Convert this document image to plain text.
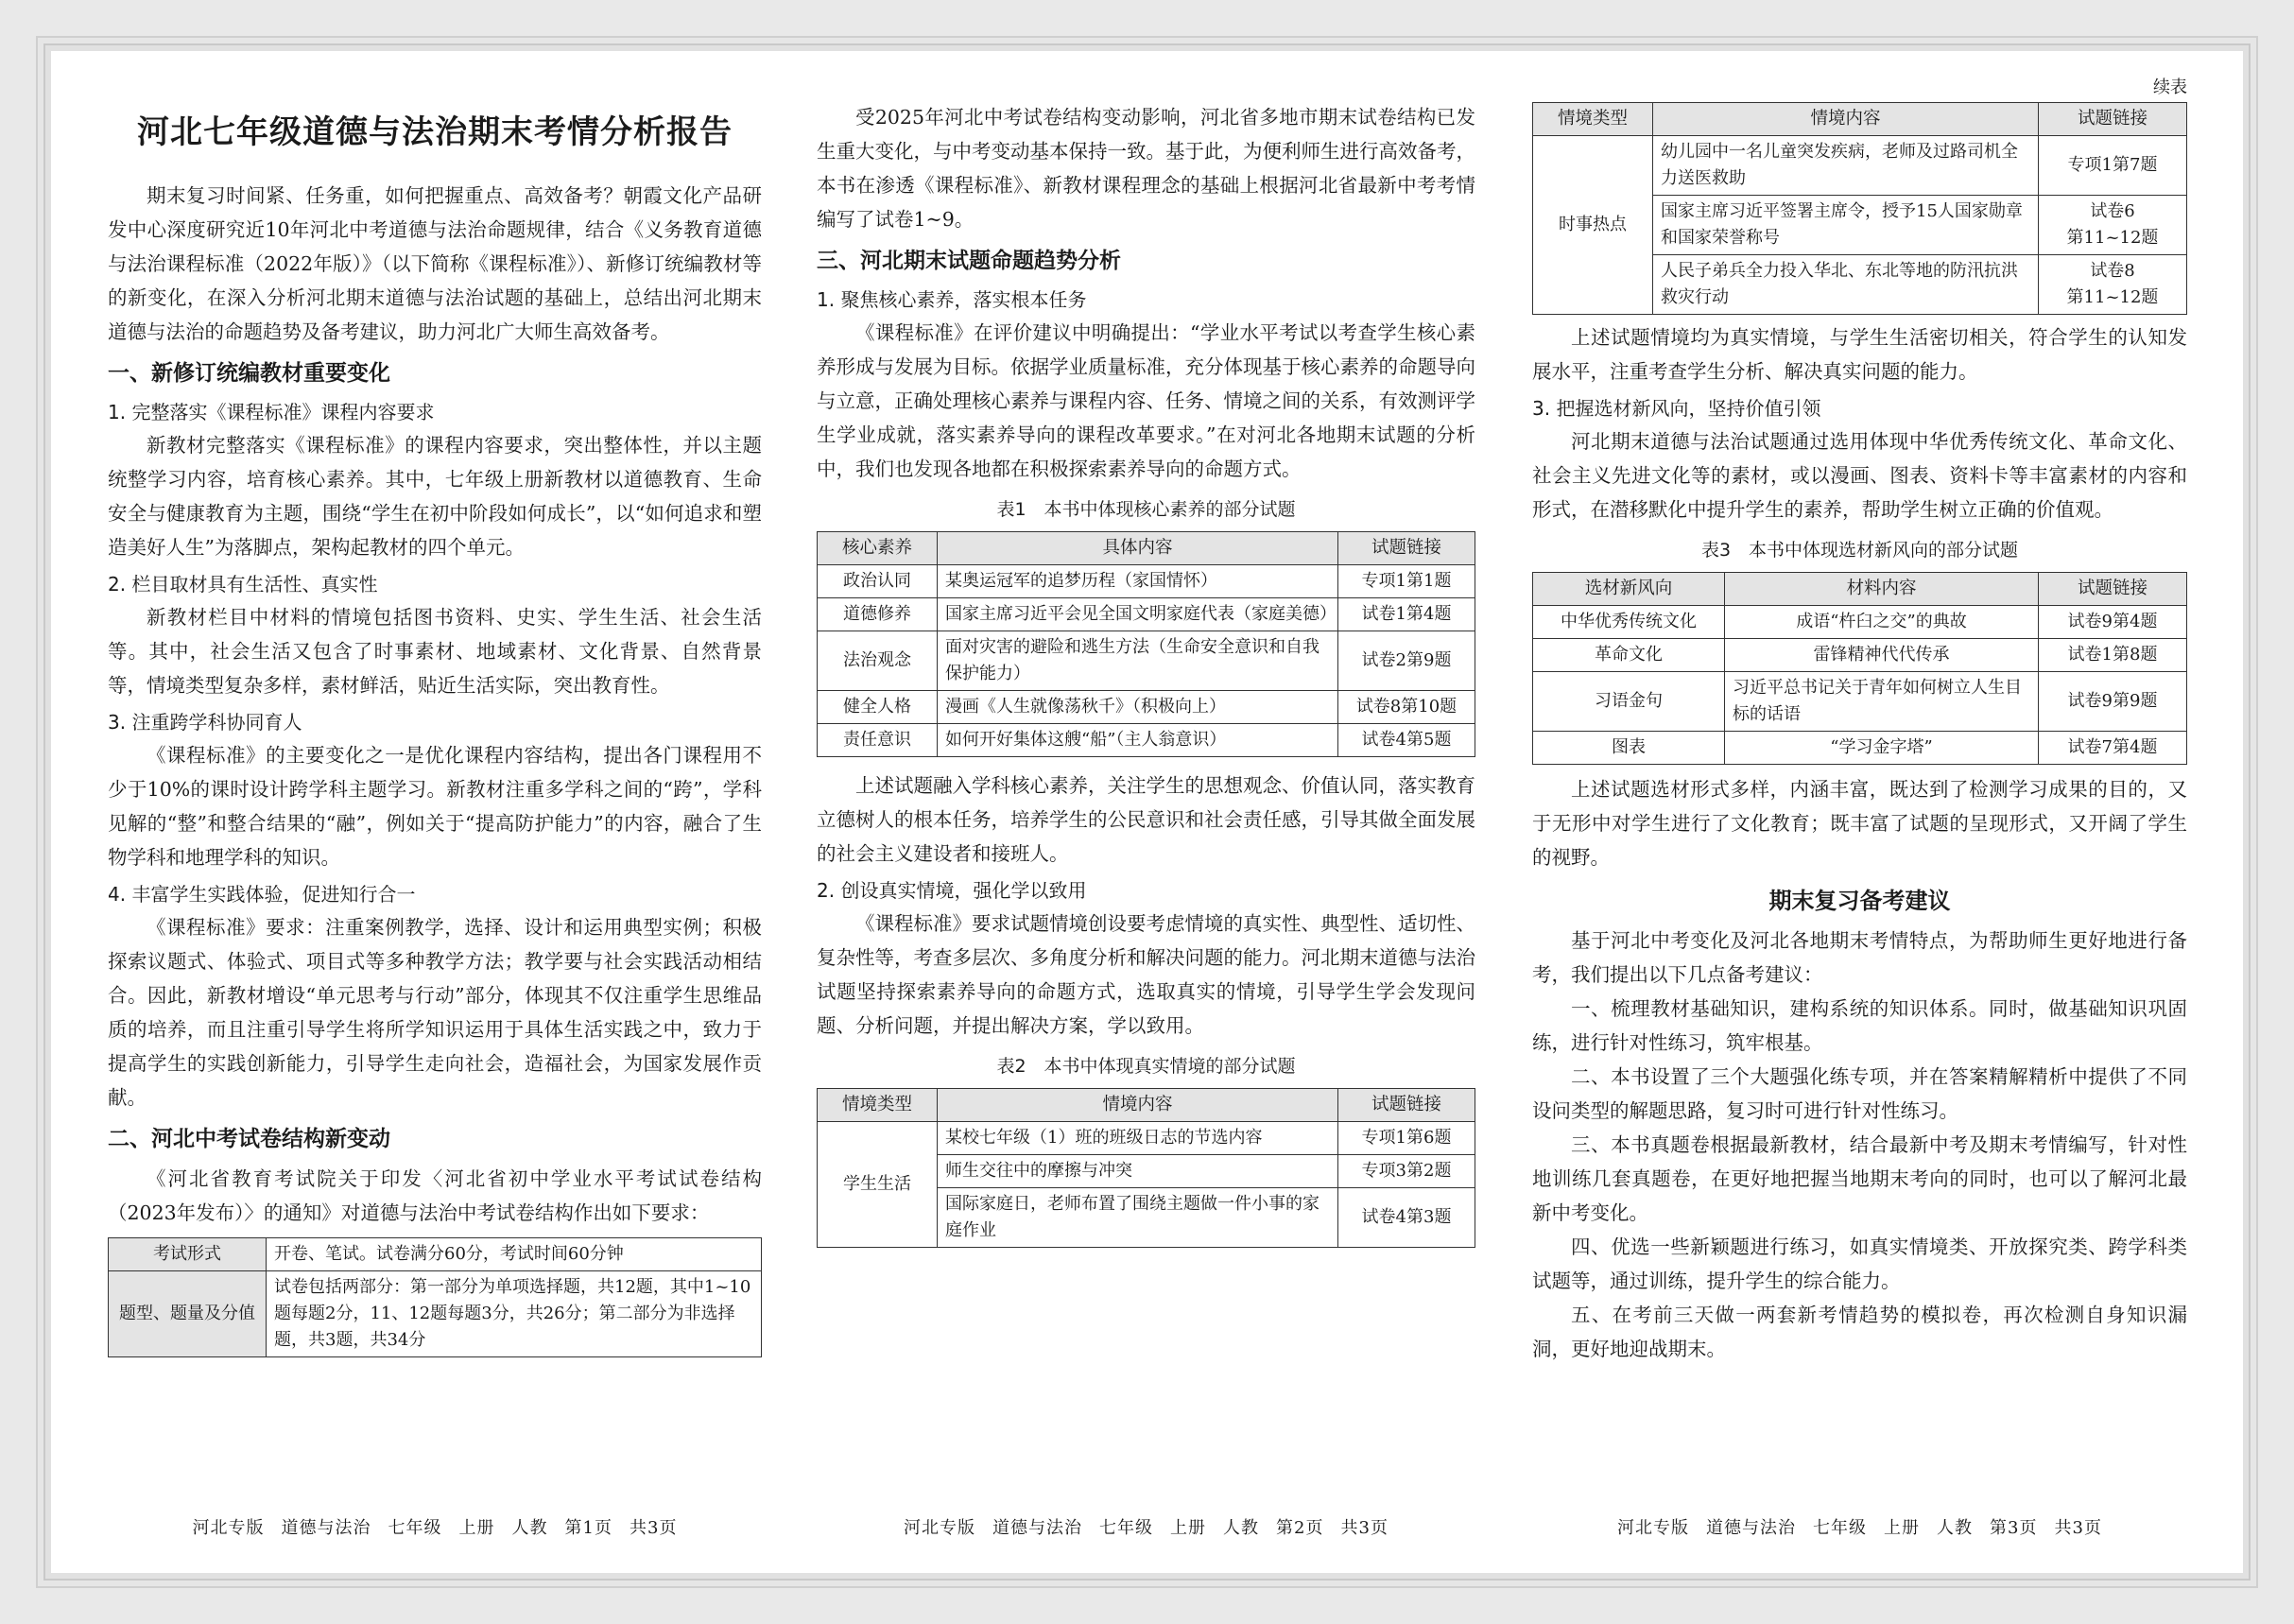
河北七年级道德与法治期末考情分析报告

期末复习时间紧、任务重，如何把握重点、高效备考？朝霞文化产品研发中心深度研究近10年河北中考道德与法治命题规律，结合《义务教育道德与法治课程标准（2022年版）》（以下简称《课程标准》）、新修订统编教材等的新变化，在深入分析河北期末道德与法治试题的基础上，总结出河北期末道德与法治的命题趋势及备考建议，助力河北广大师生高效备考。

一、新修订统编教材重要变化
1. 完整落实《课程标准》课程内容要求

新教材完整落实《课程标准》的课程内容要求，突出整体性，并以主题统整学习内容，培育核心素养。其中，七年级上册新教材以道德教育、生命安全与健康教育为主题，围绕“学生在初中阶段如何成长”，以“如何追求和塑造美好人生”为落脚点，架构起教材的四个单元。

2. 栏目取材具有生活性、真实性

新教材栏目中材料的情境包括图书资料、史实、学生生活、社会生活等。其中，社会生活又包含了时事素材、地域素材、文化背景、自然背景等，情境类型复杂多样，素材鲜活，贴近生活实际，突出教育性。

3. 注重跨学科协同育人

《课程标准》的主要变化之一是优化课程内容结构，提出各门课程用不少于10%的课时设计跨学科主题学习。新教材注重多学科之间的“跨”，学科见解的“整”和整合结果的“融”，例如关于“提高防护能力”的内容，融合了生物学科和地理学科的知识。

4. 丰富学生实践体验，促进知行合一

《课程标准》要求：注重案例教学，选择、设计和运用典型实例；积极探索议题式、体验式、项目式等多种教学方法；教学要与社会实践活动相结合。因此，新教材增设“单元思考与行动”部分，体现其不仅注重学生思维品质的培养，而且注重引导学生将所学知识运用于具体生活实践之中，致力于提高学生的实践创新能力，引导学生走向社会，造福社会，为国家发展作贡献。

二、河北中考试卷结构新变动

《河北省教育考试院关于印发〈河北省初中学业水平考试试卷结构（2023年发布）〉的通知》对道德与法治中考试卷结构作出如下要求：

考试形式	开卷、笔试。试卷满分60分，考试时间60分钟
题型、题量及分值	试卷包括两部分：第一部分为单项选择题，共12题，其中1~10题每题2分，11、12题每题3分，共26分；第二部分为非选择题，共3题，共34分
河北专版 道德与法治 七年级 上册 人教 第1页 共3页

受2025年河北中考试卷结构变动影响，河北省多地市期末试卷结构已发生重大变化，与中考变动基本保持一致。基于此，为便利师生进行高效备考，本书在渗透《课程标准》、新教材课程理念的基础上根据河北省最新中考考情编写了试卷1~9。

三、河北期末试题命题趋势分析
1. 聚焦核心素养，落实根本任务

《课程标准》在评价建议中明确提出：“学业水平考试以考查学生核心素养形成与发展为目标。依据学业质量标准，充分体现基于核心素养的命题导向与立意，正确处理核心素养与课程内容、任务、情境之间的关系，有效测评学生学业成就，落实素养导向的课程改革要求。”在对河北各地期末试题的分析中，我们也发现各地都在积极探索素养导向的命题方式。

表1　本书中体现核心素养的部分试题
核心素养	具体内容	试题链接
政治认同	某奥运冠军的追梦历程（家国情怀）	专项1第1题
道德修养	国家主席习近平会见全国文明家庭代表（家庭美德）	试卷1第4题
法治观念	面对灾害的避险和逃生方法（生命安全意识和自我保护能力）	试卷2第9题
健全人格	漫画《人生就像荡秋千》（积极向上）	试卷8第10题
责任意识	如何开好集体这艘“船”（主人翁意识）	试卷4第5题

上述试题融入学科核心素养，关注学生的思想观念、价值认同，落实教育立德树人的根本任务，培养学生的公民意识和社会责任感，引导其做全面发展的社会主义建设者和接班人。

2. 创设真实情境，强化学以致用

《课程标准》要求试题情境创设要考虑情境的真实性、典型性、适切性、复杂性等，考查多层次、多角度分析和解决问题的能力。河北期末道德与法治试题坚持探索素养导向的命题方式，选取真实的情境，引导学生学会发现问题、分析问题，并提出解决方案，学以致用。

表2　本书中体现真实情境的部分试题
情境类型	情境内容	试题链接
学生生活	某校七年级（1）班的班级日志的节选内容	专项1第6题
	师生交往中的摩擦与冲突	专项3第2题
	国际家庭日，老师布置了围绕主题做一件小事的家庭作业	试卷4第3题
河北专版 道德与法治 七年级 上册 人教 第2页 共3页
续表
情境类型	情境内容	试题链接
时事热点	幼儿园中一名儿童突发疾病，老师及过路司机全力送医救助	专项1第7题
	国家主席习近平签署主席令，授予15人国家勋章和国家荣誉称号	试卷6
第11~12题
	人民子弟兵全力投入华北、东北等地的防汛抗洪救灾行动	试卷8
第11~12题

上述试题情境均为真实情境，与学生生活密切相关，符合学生的认知发展水平，注重考查学生分析、解决真实问题的能力。

3. 把握选材新风向，坚持价值引领

河北期末道德与法治试题通过选用体现中华优秀传统文化、革命文化、社会主义先进文化等的素材，或以漫画、图表、资料卡等丰富素材的内容和形式，在潜移默化中提升学生的素养，帮助学生树立正确的价值观。

表3　本书中体现选材新风向的部分试题
选材新风向	材料内容	试题链接
中华优秀传统文化	成语“杵臼之交”的典故	试卷9第4题
革命文化	雷锋精神代代传承	试卷1第8题
习语金句	习近平总书记关于青年如何树立人生目标的话语	试卷9第9题
图表	“学习金字塔”	试卷7第4题

上述试题选材形式多样，内涵丰富，既达到了检测学习成果的目的，又于无形中对学生进行了文化教育；既丰富了试题的呈现形式，又开阔了学生的视野。

期末复习备考建议

基于河北中考变化及河北各地期末考情特点，为帮助师生更好地进行备考，我们提出以下几点备考建议：

一、梳理教材基础知识，建构系统的知识体系。同时，做基础知识巩固练，进行针对性练习，筑牢根基。

二、本书设置了三个大题强化练专项，并在答案精解精析中提供了不同设问类型的解题思路，复习时可进行针对性练习。

三、本书真题卷根据最新教材，结合最新中考及期末考情编写，针对性地训练几套真题卷，在更好地把握当地期末考向的同时，也可以了解河北最新中考变化。

四、优选一些新颖题进行练习，如真实情境类、开放探究类、跨学科类试题等，通过训练，提升学生的综合能力。

五、在考前三天做一两套新考情趋势的模拟卷，再次检测自身知识漏洞，更好地迎战期末。

河北专版 道德与法治 七年级 上册 人教 第3页 共3页
